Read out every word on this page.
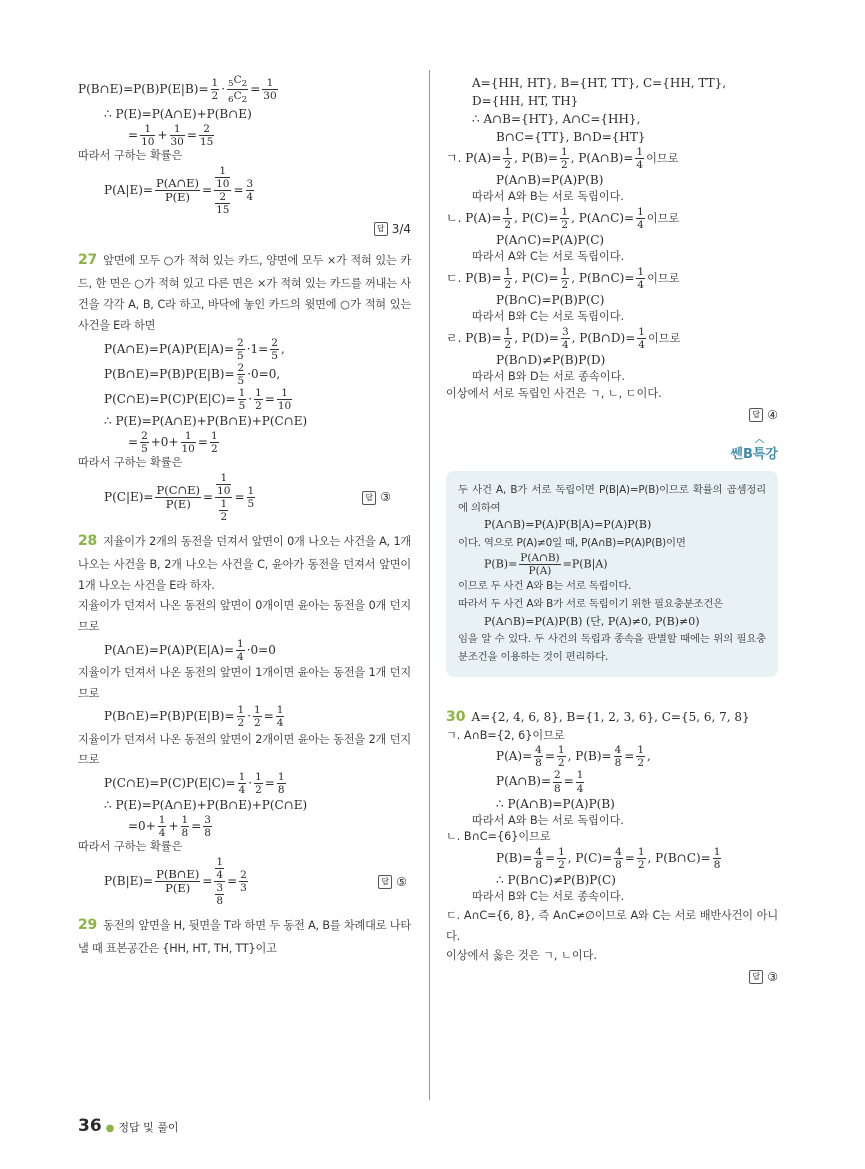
P(B∩E)=P(B)P(E|B)= $\frac{1}{2} \cdot \frac{_5C_2}{_6C_2} = \frac{1}{30}$
∴ P(E)=P(A∩E)+P(B∩E)
= $\frac{1}{10} + \frac{1}{30} = \frac{2}{15}$
따라서 구하는 확률은
$P(A|E)= \frac{P(A\cap E)}{P(E)} = \frac{\frac{1}{10}}{\frac{2}{15}} = \frac{3}{4}$
답 3/4
27 앞면에 모두 ○가 적혀 있는 카드, 양면에 모두 ×가 적혀 있는 카드, 한 면은 ○가 적혀 있고 다른 면은 ×가 적혀 있는 카드를 꺼내는 사건을 각각 A, B, C라 하고, 바닥에 놓인 카드의 윗면에 ○가 적혀 있는 사건을 E라 하면
P(A∩E)=P(A)P(E|A)= $\frac{2}{5} \cdot 1= \frac{2}{5}$ ,
P(B∩E)=P(B)P(E|B)= $\frac{2}{5} \cdot 0=0$,
P(C∩E)=P(C)P(E|C)= $\frac{1}{5} \cdot \frac{1}{2} = \frac{1}{10}$
∴ P(E)=P(A∩E)+P(B∩E)+P(C∩E)
= $\frac{2}{5} +0+ \frac{1}{10} = \frac{1}{2}$
따라서 구하는 확률은
$P(C|E)= \frac{P(C\cap E)}{P(E)} = \frac{\frac{1}{10}}{\frac{1}{2}} = \frac{1}{5}$	답 ③
28 지율이가 2개의 동전을 던져서 앞면이 0개 나오는 사건을 A, 1개 나오는 사건을 B, 2개 나오는 사건을 C, 윤아가 동전을 던져서 앞면이 1개 나오는 사건을 E라 하자.
지율이가 던져서 나온 동전의 앞면이 0개이면 윤아는 동전을 0개 던지므로
P(A∩E)=P(A)P(E|A)= $\frac{1}{4} \cdot 0=0$
지율이가 던져서 나온 동전의 앞면이 1개이면 윤아는 동전을 1개 던지므로
P(B∩E)=P(B)P(E|B)= $\frac{1}{2} \cdot \frac{1}{2} = \frac{1}{4}$
지율이가 던져서 나온 동전의 앞면이 2개이면 윤아는 동전을 2개 던지므로
P(C∩E)=P(C)P(E|C)= $\frac{1}{4} \cdot \frac{1}{2} = \frac{1}{8}$
∴ P(E)=P(A∩E)+P(B∩E)+P(C∩E)
$=0+ \frac{1}{4} + \frac{1}{8} = \frac{3}{8}$
따라서 구하는 확률은
$P(B|E)= \frac{P(B\cap E)}{P(E)} = \frac{\frac{1}{4}}{\frac{3}{8}} = \frac{2}{3}$	답 ⑤
29 동전의 앞면을 H, 뒷면을 T라 하면 두 동전 A, B를 차례대로 나타낼 때 표본공간은 {HH, HT, TH, TT}이고
A={HH, HT}, B={HT, TT}, C={HH, TT},
D={HH, HT, TH}
∴ A∩B={HT}, A∩C={HH},
B∩C={TT}, B∩D={HT}
ㄱ. $P(A)= \frac{1}{2}$ , $P(B)= \frac{1}{2}$ , P(A∩B)= $\frac{1}{4}$ 이므로
P(A∩B)=P(A)P(B)
따라서 A와 B는 서로 독립이다.
ㄴ. $P(A)= \frac{1}{2}$ , $P(C)= \frac{1}{2}$ , P(A∩C)= $\frac{1}{4}$ 이므로
P(A∩C)=P(A)P(C)
따라서 A와 C는 서로 독립이다.
ㄷ. $P(B)= \frac{1}{2}$ , $P(C)= \frac{1}{2}$ , P(B∩C)= $\frac{1}{4}$ 이므로
P(B∩C)=P(B)P(C)
따라서 B와 C는 서로 독립이다.
ㄹ. $P(B)= \frac{1}{2}$ , $P(D)= \frac{3}{4}$ , P(B∩D)= $\frac{1}{4}$ 이므로
P(B∩D)≠P(B)P(D)
따라서 B와 D는 서로 종속이다.
이상에서 서로 독립인 사건은 ㄱ, ㄴ, ㄷ이다.
답 ④
︿
쎈B특강
두 사건 A, B가 서로 독립이면 P(B|A)=P(B)이므로 확률의 곱셈정리에 의하여
P(A∩B)=P(A)P(B|A)=P(A)P(B)
이다. 역으로 P(A)≠0일 때, P(A∩B)=P(A)P(B)이면
$P(B)= \frac{P(A\cap B)}{P(A)} =P(B|A)$
이므로 두 사건 A와 B는 서로 독립이다.
따라서 두 사건 A와 B가 서로 독립이기 위한 필요충분조건은
P(A∩B)=P(A)P(B) (단, P(A)≠0, P(B)≠0)
임을 알 수 있다. 두 사건의 독립과 종속을 판별할 때에는 위의 필요충분조건을 이용하는 것이 편리하다.
30 A={2, 4, 6, 8}, B={1, 2, 3, 6}, C={5, 6, 7, 8}
ㄱ. A∩B={2, 6}이므로
$P(A)= \frac{4}{8} = \frac{1}{2}$ , $P(B)= \frac{4}{8} = \frac{1}{2}$ ,
P(A∩B)= $\frac{2}{8} = \frac{1}{4}$
∴ P(A∩B)=P(A)P(B)
따라서 A와 B는 서로 독립이다.
ㄴ. B∩C={6}이므로
$P(B)= \frac{4}{8} = \frac{1}{2}$ , $P(C)= \frac{4}{8} = \frac{1}{2}$ , P(B∩C)= $\frac{1}{8}$
∴ P(B∩C)≠P(B)P(C)
따라서 B와 C는 서로 종속이다.
ㄷ. A∩C={6, 8}, 즉 A∩C≠∅이므로 A와 C는 서로 배반사건이 아니다.
이상에서 옳은 것은 ㄱ, ㄴ이다.
답 ③
36 ● 정답 및 풀이
